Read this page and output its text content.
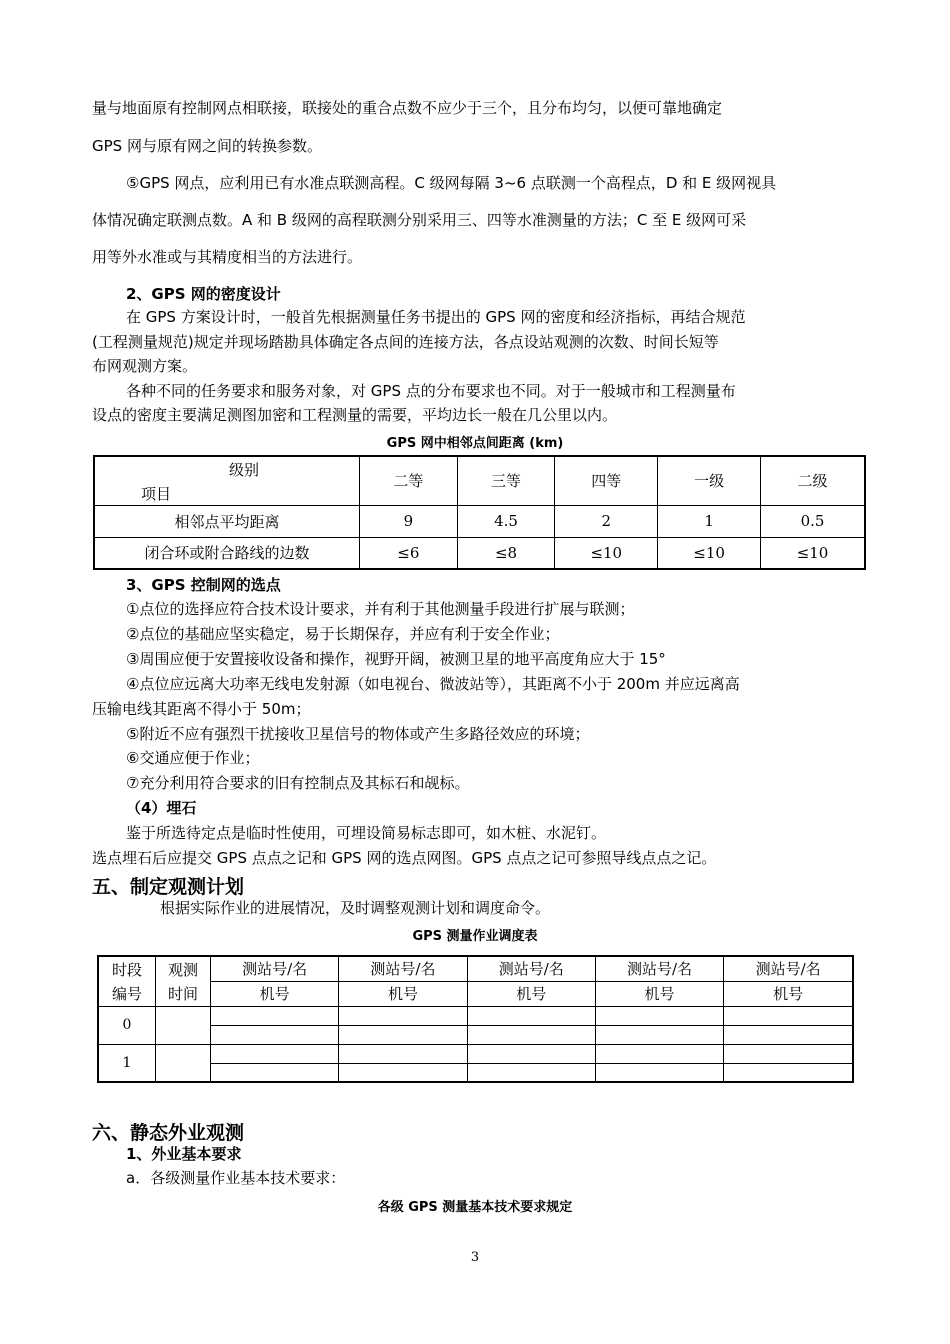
量与地面原有控制网点相联接，联接处的重合点数不应少于三个，且分布均匀，以便可靠地确定
GPS 网与原有网之间的转换参数。
⑤GPS 网点，应利用已有水准点联测高程。C 级网每隔 3~6 点联测一个高程点，D 和 E 级网视具
体情况确定联测点数。A 和 B 级网的高程联测分别采用三、四等水准测量的方法；C 至 E 级网可采
用等外水准或与其精度相当的方法进行。
2、GPS 网的密度设计
在 GPS 方案设计时，一般首先根据测量任务书提出的 GPS 网的密度和经济指标，再结合规范
(工程测量规范)规定并现场踏勘具体确定各点间的连接方法，各点设站观测的次数、时间长短等
布网观测方案。
各种不同的任务要求和服务对象，对 GPS 点的分布要求也不同。对于一般城市和工程测量布
设点的密度主要满足测图加密和工程测量的需要，平均边长一般在几公里以内。
GPS 网中相邻点间距离 (km)
级别
项目	二等	三等	四等	一级	二级
相邻点平均距离	9	4.5	2	1	0.5
闭合环或附合路线的边数	≤6	≤8	≤10	≤10	≤10
3、GPS 控制网的选点
①点位的选择应符合技术设计要求，并有利于其他测量手段进行扩展与联测；
②点位的基础应坚实稳定，易于长期保存，并应有利于安全作业；
③周围应便于安置接收设备和操作，视野开阔，被测卫星的地平高度角应大于 15°
④点位应远离大功率无线电发射源（如电视台、微波站等），其距离不小于 200m 并应远离高
压输电线其距离不得小于 50m；
⑤附近不应有强烈干扰接收卫星信号的物体或产生多路径效应的环境；
⑥交通应便于作业；
⑦充分利用符合要求的旧有控制点及其标石和觇标。
（4）埋石
鉴于所选待定点是临时性使用，可埋设简易标志即可，如木桩、水泥钉。
选点埋石后应提交 GPS 点点之记和 GPS 网的选点网图。GPS 点点之记可参照导线点点之记。
五、制定观测计划
根据实际作业的进展情况，及时调整观测计划和调度命令。
GPS 测量作业调度表
时段	观测	测站号/名	测站号/名	测站号/名	测站号/名	测站号/名
编号	时间	机号	机号	机号	机号	机号
0						

1						

六、静态外业观测
1、外业基本要求
a．各级测量作业基本技术要求：
各级 GPS 测量基本技术要求规定
3
